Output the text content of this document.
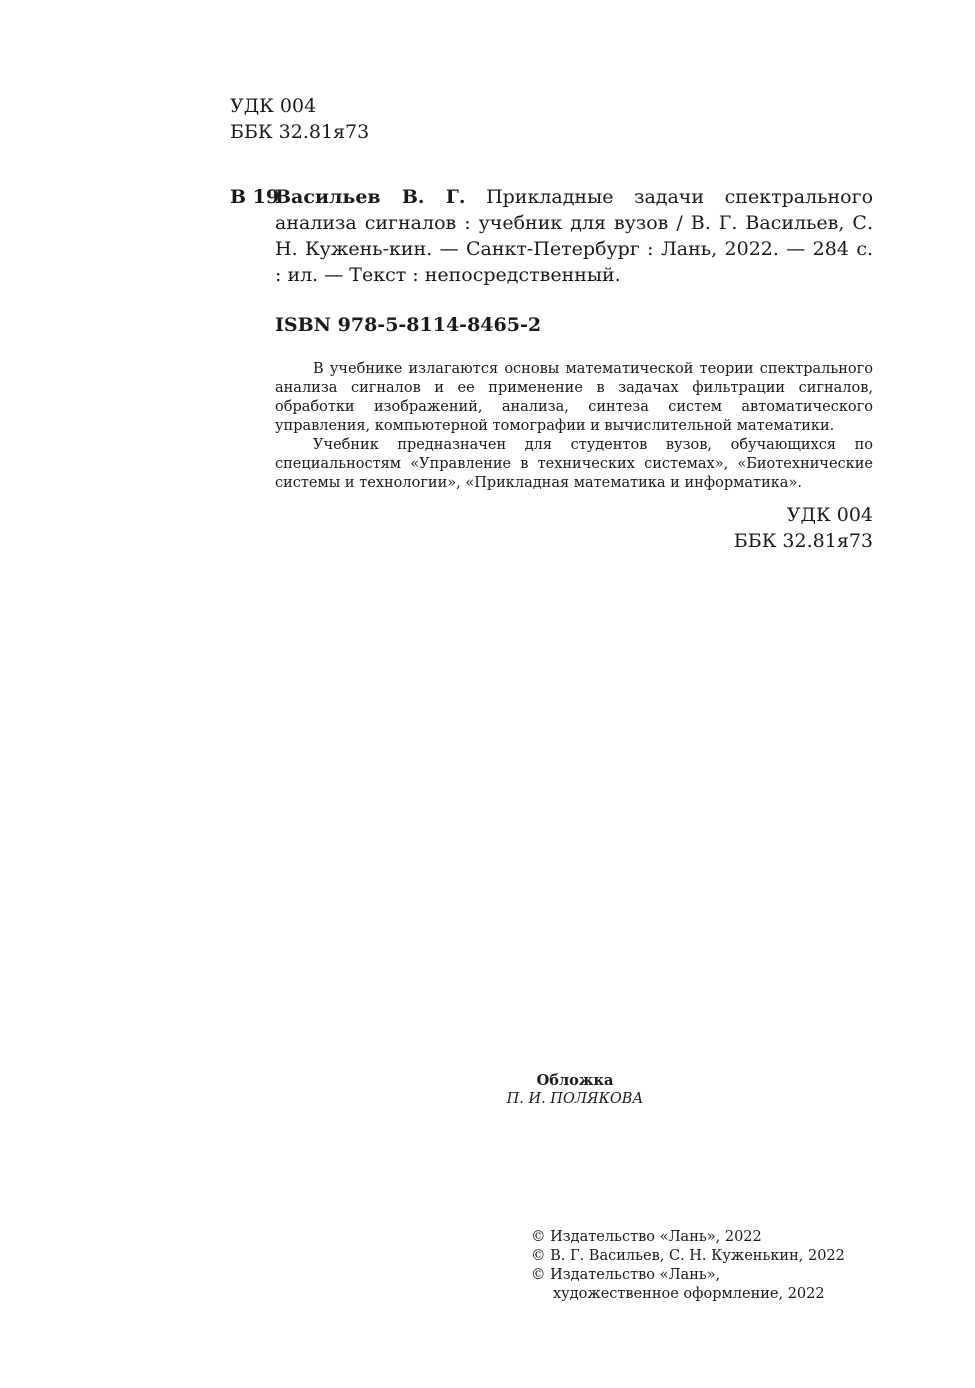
УДК 004
ББК 32.81я73
В 19
Васильев В. Г. Прикладные задачи спектрального анализа сигналов : учебник для вузов / В. Г. Васильев, С. Н. Кужень-кин. — Санкт-Петербург : Лань, 2022. — 284 с. : ил. — Текст : непосредственный.
ISBN 978-5-8114-8465-2

В учебнике излагаются основы математической теории спектрального анализа сигналов и ее применение в задачах фильтрации сигналов, обработки изображений, анализа, синтеза систем автоматического управления, компьютерной томографии и вычислительной математики.

Учебник предназначен для студентов вузов, обучающихся по специальностям «Управление в технических системах», «Биотехнические системы и технологии», «Прикладная математика и информатика».

УДК 004
ББК 32.81я73
Обложка
П. И. ПОЛЯКОВА
© Издательство «Лань», 2022
© В. Г. Васильев, С. Н. Куженькин, 2022
© Издательство «Лань»,
художественное оформление, 2022
